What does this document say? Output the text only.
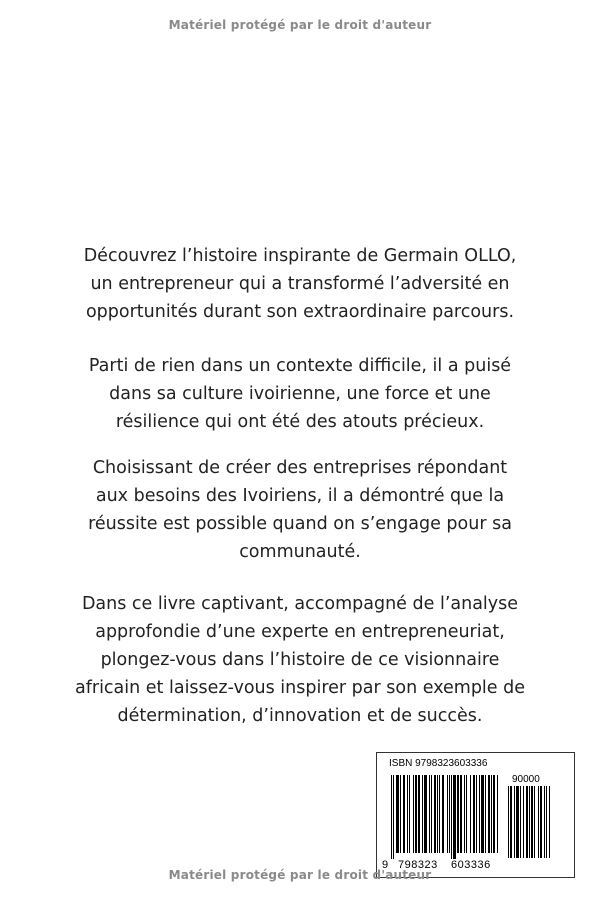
Matériel protégé par le droit d'auteur
Découvrez l’histoire inspirante de Germain OLLO,
un entrepreneur qui a transformé l’adversité en
opportunités durant son extraordinaire parcours.
Parti de rien dans un contexte difficile, il a puisé
dans sa culture ivoirienne, une force et une
résilience qui ont été des atouts précieux.
Choisissant de créer des entreprises répondant
aux besoins des Ivoiriens, il a démontré que la
réussite est possible quand on s’engage pour sa
communauté.
Dans ce livre captivant, accompagné de l’analyse
approfondie d’une experte en entrepreneuriat,
plongez-vous dans l’histoire de ce visionnaire
africain et laissez-vous inspirer par son exemple de
détermination, d’innovation et de succès.
ISBN 9798323603336
90000
9 798323 603336
Matériel protégé par le droit d'auteur
